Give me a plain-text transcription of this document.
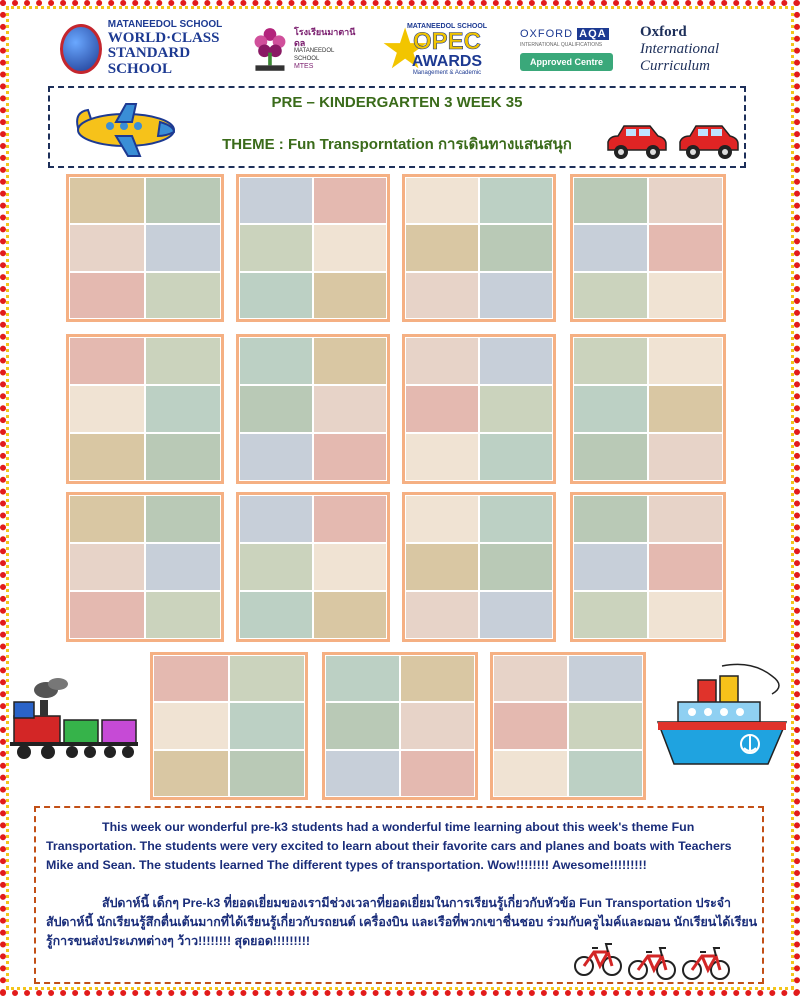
MATANEEDOL SCHOOL
WORLD·CLASS
STANDARD SCHOOL
โรงเรียนมาตานีดล
MATANEEDOL SCHOOL
MTES	★
MATANEEDOL SCHOOL
OPEC
AWARDS
Management & Academic
OXFORD AQA
INTERNATIONAL QUALIFICATIONS
Approved Centre
Oxford
International
Curriculum
PRE – KINDERGARTEN 3 WEEK 35
THEME : Fun Transporntation การเดินทางแสนสนุก

This week our wonderful pre-k3 students had a wonderful time learning about this week's theme Fun Transportation. The students were very excited to learn about their favorite cars and planes and boats with Teachers Mike and Sean. The students learned The different types of transportation. Wow!!!!!!!! Awesome!!!!!!!!!

สัปดาห์นี้ เด็กๆ Pre-k3 ที่ยอดเยี่ยมของเรามีช่วงเวลาที่ยอดเยี่ยมในการเรียนรู้เกี่ยวกับหัวข้อ Fun Transportation ประจำสัปดาห์นี้ นักเรียนรู้สึกตื่นเต้นมากที่ได้เรียนรู้เกี่ยวกับรถยนต์ เครื่องบิน และเรือที่พวกเขาชื่นชอบ ร่วมกับครูไมค์และฌอน นักเรียนได้เรียนรู้การขนส่งประเภทต่างๆ ว้าว!!!!!!!! สุดยอด!!!!!!!!!
